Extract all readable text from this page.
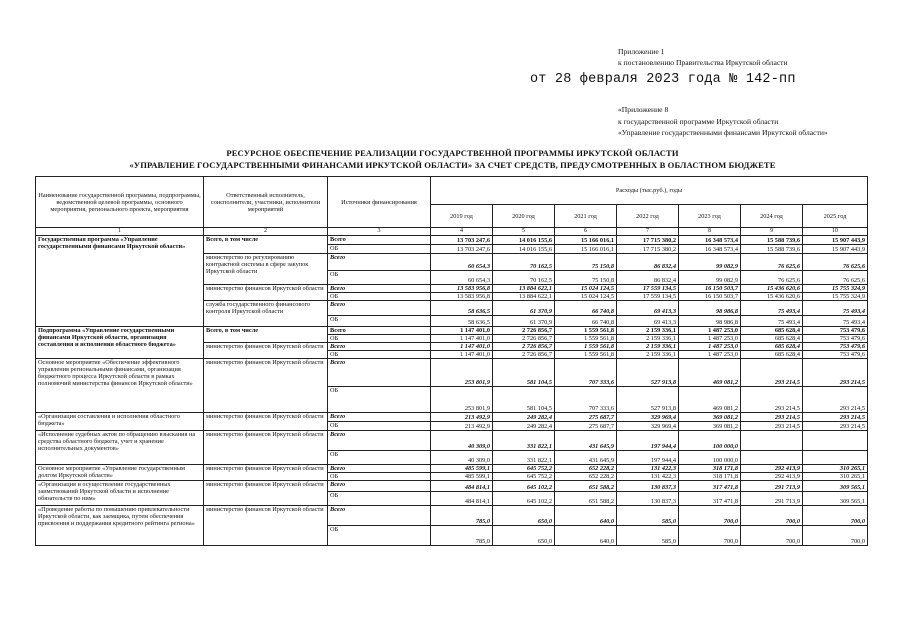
Приложение 1
к постановлению Правительства Иркутской области
от 28 февраля 2023 года № 142-пп
«Приложение 8
к государственной программе Иркутской области
«Управление государственными финансами Иркутской области»
РЕСУРСНОЕ ОБЕСПЕЧЕНИЕ РЕАЛИЗАЦИИ ГОСУДАРСТВЕННОЙ ПРОГРАММЫ ИРКУТСКОЙ ОБЛАСТИ
«УПРАВЛЕНИЕ ГОСУДАРСТВЕННЫМИ ФИНАНСАМИ ИРКУТСКОЙ ОБЛАСТИ» ЗА СЧЕТ СРЕДСТВ, ПРЕДУСМОТРЕННЫХ В ОБЛАСТНОМ БЮДЖЕТЕ
Наименование государственной программы, подпрограммы, ведомственной целевой программы, основного мероприятия, регионального проекта, мероприятия	Ответственный исполнитель, соисполнители, участники, исполнители мероприятий	Источники финансирования	Расходы (тыс.руб.), годы						
			2019 год	2020 год	2021 год	2022 год	2023 год	2024 год	2025 год
1	2	3	4	5	6	7	8	9	10
Государственная программа «Управление государственными финансами Иркутской области»	Всего, в том числе	Всего	13 703 247,6	14 016 155,6	15 166 016,1	17 715 380,2	16 348 573,4	15 588 739,6	15 907 443,9
		ОБ	13 703 247,6	14 016 155,6	15 166 016,1	17 715 380,2	16 348 573,4	15 588 739,6	15 907 443,9
	министерство по регулированию контрактной системы в сфере закупок Иркутской области	Всего	60 654,3	70 162,5	75 150,8	86 832,4	99 082,9	76 625,6	76 625,6
		ОБ	60 654,3	70 162,5	75 150,8	86 832,4	99 082,9	76 625,6	76 625,6
	министерство финансов Иркутской области	Всего	13 583 956,8	13 884 622,1	15 024 124,5	17 559 134,5	16 150 503,7	15 436 620,6	15 755 324,9
		ОБ	13 583 956,8	13 884 622,1	15 024 124,5	17 559 134,5	16 150 503,7	15 436 620,6	15 755 324,9
	служба государственного финансового контроля Иркутской области	Всего	58 636,5	61 370,9	66 740,8	69 413,3	98 986,8	75 493,4	75 493,4
		ОБ	58 636,5	61 370,9	66 740,8	69 413,3	98 986,8	75 493,4	75 493,4
Подпрограмма «Управление государственными финансами Иркутской области, организация составления и исполнения областного бюджета»	Всего, в том числе	Всего	1 147 401,0	2 726 856,7	1 559 561,8	2 159 336,1	1 487 253,0	685 628,4	753 479,6
		ОБ	1 147 401,0	2 726 856,7	1 559 561,8	2 159 336,1	1 487 253,0	685 628,4	753 479,6
	министерство финансов Иркутской области	Всего	1 147 401,0	2 726 856,7	1 559 561,8	2 159 336,1	1 487 253,0	685 628,4	753 479,6
		ОБ	1 147 401,0	2 726 856,7	1 559 561,8	2 159 336,1	1 487 253,0	685 628,4	753 479,6
Основное мероприятие «Обеспечение эффективного управления региональными финансами, организация бюджетного процесса Иркутской области в рамках полномочий министерства финансов Иркутской области»	министерство финансов Иркутской области	Всего	253 801,9	581 104,5	707 333,6	527 913,8	469 081,2	293 214,5	293 214,5
		ОБ	253 801,9	581 104,5	707 333,6	527 913,8	469 081,2	293 214,5	293 214,5
«Организация составления и исполнения областного бюджета»	министерство финансов Иркутской области	Всего	213 492,9	249 282,4	275 687,7	329 969,4	369 081,2	293 214,5	293 214,5
		ОБ	213 492,9	249 282,4	275 687,7	329 969,4	369 081,2	293 214,5	293 214,5
«Исполнение судебных актов по обращению взыскания на средства областного бюджета, учет и хранение исполнительных документов»	министерство финансов Иркутской области	Всего	40 309,0	331 822,1	431 645,9	197 944,4	100 000,0		
		ОБ	40 309,0	331 822,1	431 645,9	197 944,4	100 000,0		
Основное мероприятие «Управление государственным долгом Иркутской области»	министерство финансов Иркутской области	Всего	485 599,1	645 752,2	652 228,2	131 422,3	318 171,8	292 413,9	310 265,1
		ОБ	485 599,1	645 752,2	652 228,2	131 422,3	318 171,8	292 413,9	310 265,1
«Организация и осуществление государственных заимствований Иркутской области и исполнение обязательств по ним»	министерство финансов Иркутской области	Всего	484 814,1	645 102,2	651 588,2	130 837,3	317 471,8	291 713,9	309 565,1
		ОБ	484 814,1	645 102,2	651 588,2	130 837,3	317 471,8	291 713,9	309 565,1
«Проведение работы по повышению привлекательности Иркутской области, как заемщика, путем обеспечения присвоения и поддержания кредитного рейтинга региона»	министерство финансов Иркутской области	Всего	785,0	650,0	640,0	585,0	700,0	700,0	700,0
		ОБ	785,0	650,0	640,0	585,0	700,0	700,0	700,0
